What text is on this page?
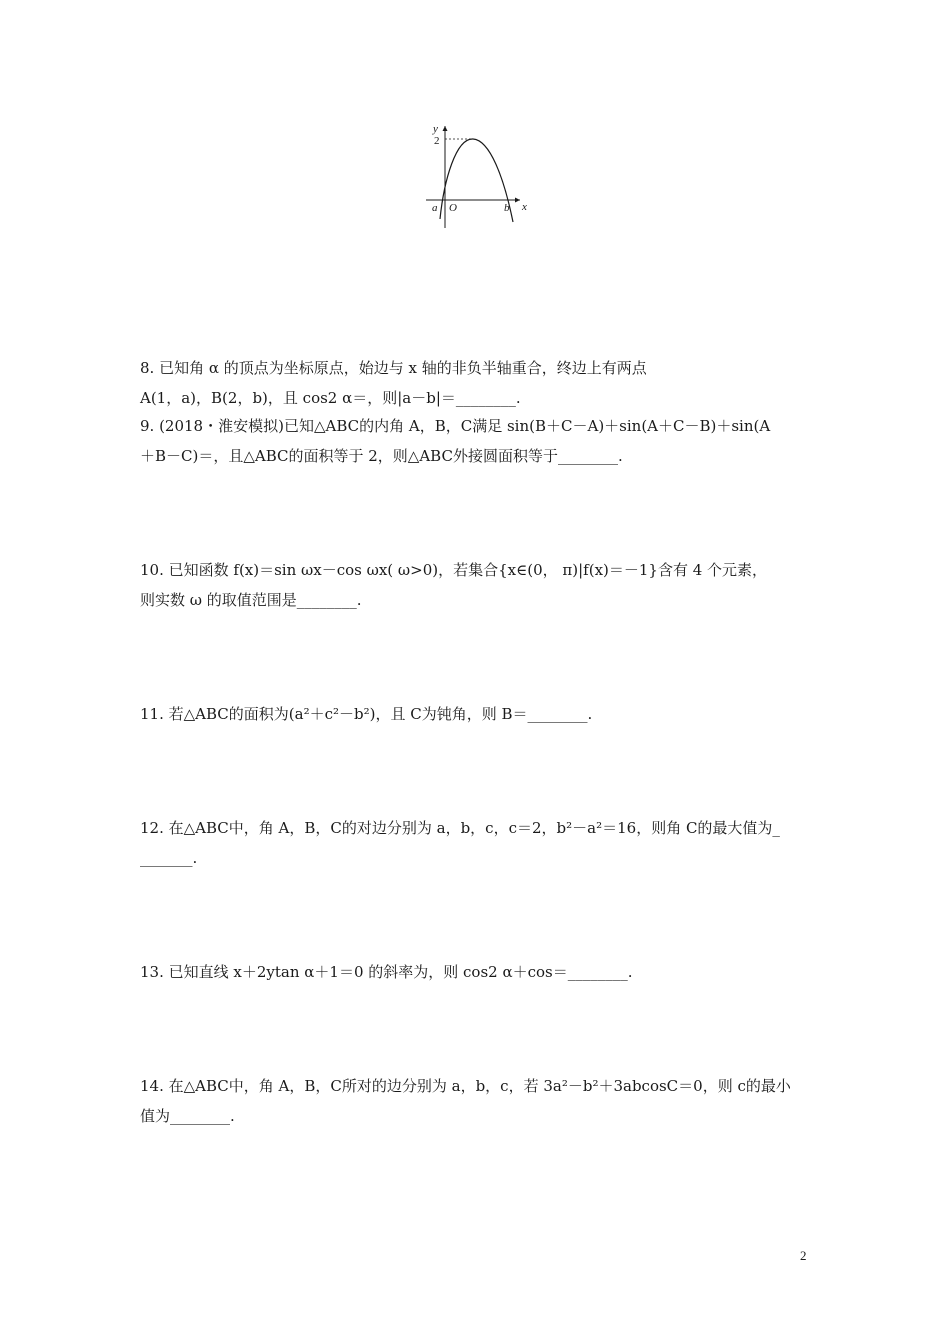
y
2
x
a O	b
8. 已知角 α 的顶点为坐标原点，始边与 x 轴的非负半轴重合，终边上有两点
A(1，a)，B(2，b)，且 cos2 α＝，则|a－b|＝________.
9. (2018・淮安模拟)已知△ABC的内角 A，B，C满足 sin(B＋C－A)＋sin(A＋C－B)＋sin(A
＋B－C)＝，且△ABC的面积等于 2，则△ABC外接圆面积等于________.
10. 已知函数 f(x)＝sin ωx－cos ωx( ω>0)，若集合{x∈(0， π)|f(x)＝－1}含有 4 个元素，
则实数 ω 的取值范围是________.
11. 若△ABC的面积为(a²＋c²－b²)，且 C为钝角，则 B＝________.
12. 在△ABC中，角 A，B，C的对边分别为 a，b，c，c＝2，b²－a²＝16，则角 C的最大值为_
_______.
13. 已知直线 x＋2ytan α＋1＝0 的斜率为，则 cos2 α＋cos＝________.
14. 在△ABC中，角 A，B，C所对的边分别为 a，b，c，若 3a²－b²＋3abcosC＝0，则 c的最小
值为________.
2
